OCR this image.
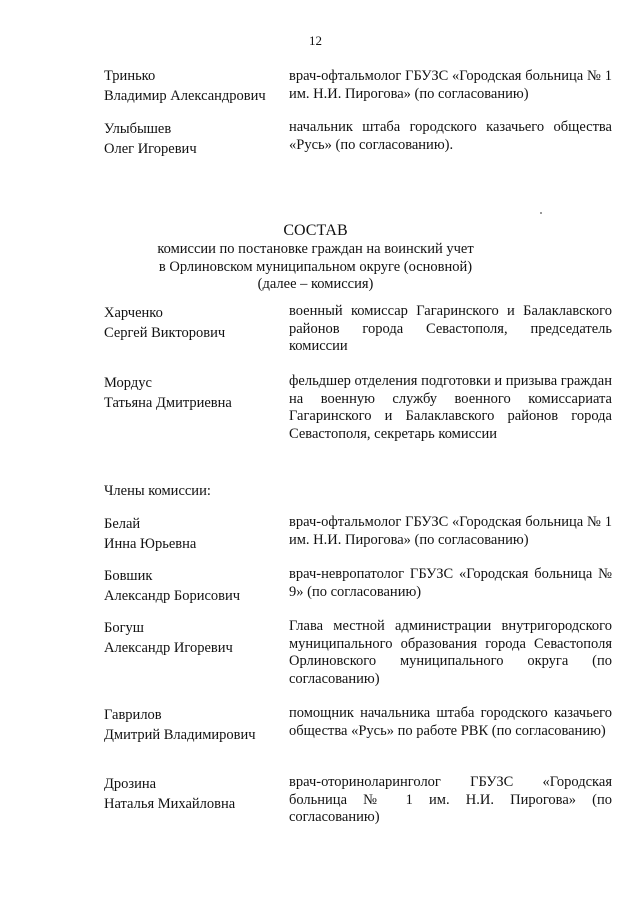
12
Тринько
Владимир Александрович
врач-офтальмолог ГБУЗС «Городская больница № 1 им. Н.И. Пирогова» (по согласованию)
Улыбышев
Олег Игоревич
начальник штаба городского казачьего общества «Русь» (по согласованию).
СОСТАВ
комиссии по постановке граждан на воинский учет
в Орлиновском муниципальном округе (основной)
(далее – комиссия)
Харченко
Сергей Викторович
военный комиссар Гагаринского и Балаклавского районов города Севастополя, председатель комиссии
Мордус
Татьяна Дмитриевна
фельдшер отделения подготовки и призыва граждан на военную службу военного комиссариата Гагаринского и Балаклавского районов города Севастополя, секретарь комиссии
Члены комиссии:
Белай
Инна Юрьевна
врач-офтальмолог ГБУЗС «Городская больница № 1 им. Н.И. Пирогова» (по согласованию)
Бовшик
Александр Борисович
врач-невропатолог ГБУЗС «Городская больница № 9» (по согласованию)
Богуш
Александр Игоревич
Глава местной администрации внутригородского муниципального образования города Севастополя Орлиновского муниципального округа (по согласованию)
Гаврилов
Дмитрий Владимирович
помощник начальника штаба городского казачьего общества «Русь» по работе РВК (по согласованию)
Дрозина
Наталья Михайловна
врач-оториноларинголог ГБУЗС «Городская больница № 1 им. Н.И. Пирогова» (по согласованию)
